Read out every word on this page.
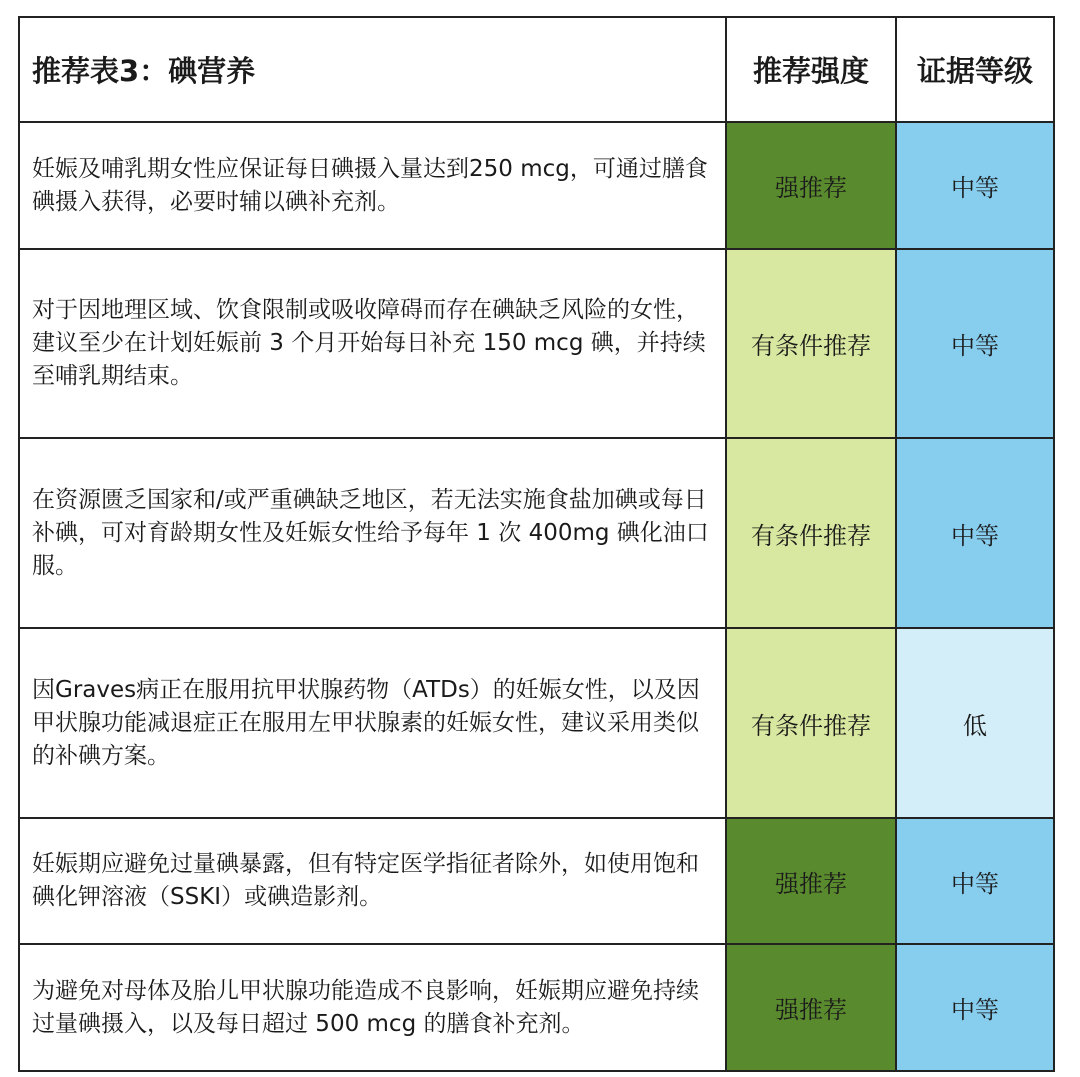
推荐表3：碘营养	推荐强度	证据等级
妊娠及哺乳期女性应保证每日碘摄入量达到250 mcg，可通过膳食碘摄入获得，必要时辅以碘补充剂。	强推荐	中等
对于因地理区域、饮食限制或吸收障碍而存在碘缺乏风险的女性，建议至少在计划妊娠前 3 个月开始每日补充 150 mcg 碘，并持续至哺乳期结束。	有条件推荐	中等
在资源匮乏国家和/或严重碘缺乏地区，若无法实施食盐加碘或每日补碘，可对育龄期女性及妊娠女性给予每年 1 次 400mg 碘化油口服。	有条件推荐	中等
因Graves病正在服用抗甲状腺药物（ATDs）的妊娠女性，以及因甲状腺功能减退症正在服用左甲状腺素的妊娠女性，建议采用类似的补碘方案。	有条件推荐	低
妊娠期应避免过量碘暴露，但有特定医学指征者除外，如使用饱和碘化钾溶液（SSKI）或碘造影剂。	强推荐	中等
为避免对母体及胎儿甲状腺功能造成不良影响，妊娠期应避免持续过量碘摄入，以及每日超过 500 mcg 的膳食补充剂。	强推荐	中等
